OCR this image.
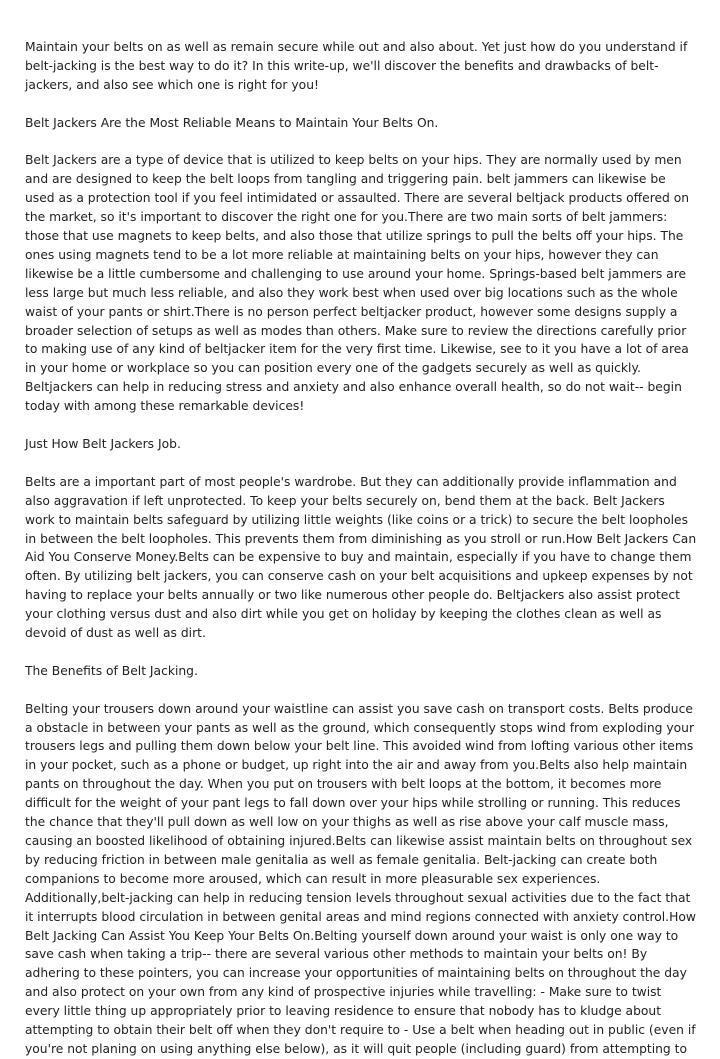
Maintain your belts on as well as remain secure while out and also about. Yet just how do you understand if belt-jacking is the best way to do it? In this write-up, we'll discover the benefits and drawbacks of belt-jackers, and also see which one is right for you!

Belt Jackers Are the Most Reliable Means to Maintain Your Belts On.

Belt Jackers are a type of device that is utilized to keep belts on your hips. They are normally used by men and are designed to keep the belt loops from tangling and triggering pain. belt jammers can likewise be used as a protection tool if you feel intimidated or assaulted. There are several beltjack products offered on the market, so it's important to discover the right one for you.There are two main sorts of belt jammers: those that use magnets to keep belts, and also those that utilize springs to pull the belts off your hips. The ones using magnets tend to be a lot more reliable at maintaining belts on your hips, however they can likewise be a little cumbersome and challenging to use around your home. Springs-based belt jammers are less large but much less reliable, and also they work best when used over big locations such as the whole waist of your pants or shirt.There is no person perfect beltjacker product, however some designs supply a broader selection of setups as well as modes than others. Make sure to review the directions carefully prior to making use of any kind of beltjacker item for the very first time. Likewise, see to it you have a lot of area in your home or workplace so you can position every one of the gadgets securely as well as quickly. Beltjackers can help in reducing stress and anxiety and also enhance overall health, so do not wait-- begin today with among these remarkable devices!

Just How Belt Jackers Job.

Belts are a important part of most people's wardrobe. But they can additionally provide inflammation and also aggravation if left unprotected. To keep your belts securely on, bend them at the back. Belt Jackers work to maintain belts safeguard by utilizing little weights (like coins or a trick) to secure the belt loopholes in between the belt loopholes. This prevents them from diminishing as you stroll or run.How Belt Jackers Can Aid You Conserve Money.Belts can be expensive to buy and maintain, especially if you have to change them often. By utilizing belt jackers, you can conserve cash on your belt acquisitions and upkeep expenses by not having to replace your belts annually or two like numerous other people do. Beltjackers also assist protect your clothing versus dust and also dirt while you get on holiday by keeping the clothes clean as well as devoid of dust as well as dirt.

The Benefits of Belt Jacking.

Belting your trousers down around your waistline can assist you save cash on transport costs. Belts produce a obstacle in between your pants as well as the ground, which consequently stops wind from exploding your trousers legs and pulling them down below your belt line. This avoided wind from lofting various other items in your pocket, such as a phone or budget, up right into the air and away from you.Belts also help maintain pants on throughout the day. When you put on trousers with belt loops at the bottom, it becomes more difficult for the weight of your pant legs to fall down over your hips while strolling or running. This reduces the chance that they'll pull down as well low on your thighs as well as rise above your calf muscle mass, causing an boosted likelihood of obtaining injured.Belts can likewise assist maintain belts on throughout sex by reducing friction in between male genitalia as well as female genitalia. Belt-jacking can create both companions to become more aroused, which can result in more pleasurable sex experiences. Additionally,belt-jacking can help in reducing tension levels throughout sexual activities due to the fact that it interrupts blood circulation in between genital areas and mind regions connected with anxiety control.How Belt Jacking Can Assist You Keep Your Belts On.Belting yourself down around your waist is only one way to save cash when taking a trip-- there are several various other methods to maintain your belts on! By adhering to these pointers, you can increase your opportunities of maintaining belts on throughout the day and also protect on your own from any kind of prospective injuries while travelling: - Make sure to twist every little thing up appropriately prior to leaving residence to ensure that nobody has to kludge about attempting to obtain their belt off when they don't require to - Use a belt when heading out in public (even if you're not planing on using anything else below), as it will quit people (including guard) from attempting to
